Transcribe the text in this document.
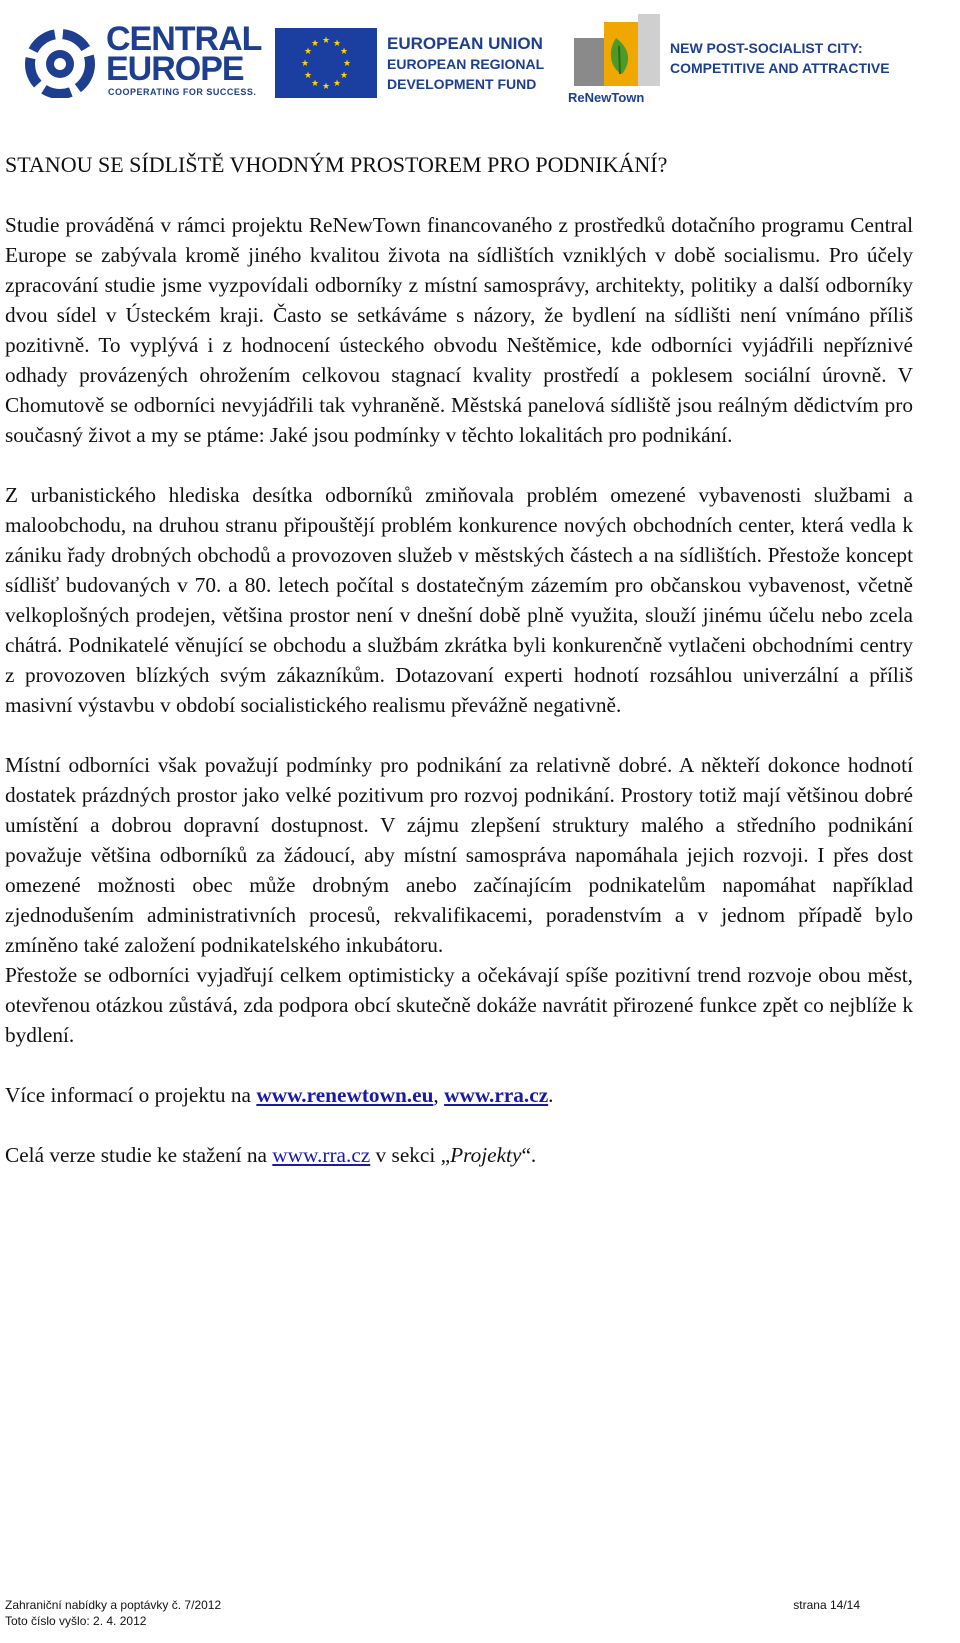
CENTRAL
EUROPE
COOPERATING FOR SUCCESS.
★ ★
★
★
★
★
★
★
★
★
★
★	EUROPEAN UNION
EUROPEAN REGIONAL
DEVELOPMENT FUND
ReNewTown
NEW POST-SOCIALIST CITY:
COMPETITIVE AND ATTRACTIVE
STANOU SE SÍDLIŠTĚ VHODNÝM PROSTOREM PRO PODNIKÁNÍ?

Studie prováděná v rámci projektu ReNewTown financovaného z prostředků dotačního programu Central Europe se zabývala kromě jiného kvalitou života na sídlištích vzniklých v době socialismu. Pro účely zpracování studie jsme vyzpovídali odborníky z místní samosprávy, architekty, politiky a další odborníky dvou sídel v Ústeckém kraji. Často se setkáváme s názory, že bydlení na sídlišti není vnímáno příliš pozitivně. To vyplývá i z hodnocení ústeckého obvodu Neštěmice, kde odborníci vyjádřili nepříznivé odhady provázených ohrožením celkovou stagnací kvality prostředí a poklesem sociální úrovně. V Chomutově se odborníci nevyjádřili tak vyhraněně. Městská panelová sídliště jsou reálným dědictvím pro současný život a my se ptáme: Jaké jsou podmínky v těchto lokalitách pro podnikání.

Z urbanistického hlediska desítka odborníků zmiňovala problém omezené vybavenosti službami a maloobchodu, na druhou stranu připouštějí problém konkurence nových obchodních center, která vedla k zániku řady drobných obchodů a provozoven služeb v městských částech a na sídlištích. Přestože koncept sídlišť budovaných v 70. a 80. letech počítal s dostatečným zázemím pro občanskou vybavenost, včetně velkoplošných prodejen, většina prostor není v dnešní době plně využita, slouží jinému účelu nebo zcela chátrá. Podnikatelé věnující se obchodu a službám zkrátka byli konkurenčně vytlačeni obchodními centry z provozoven blízkých svým zákazníkům. Dotazovaní experti hodnotí rozsáhlou univerzální a příliš masivní výstavbu v období socialistického realismu převážně negativně.

Místní odborníci však považují podmínky pro podnikání za relativně dobré. A někteří dokonce hodnotí dostatek prázdných prostor jako velké pozitivum pro rozvoj podnikání. Prostory totiž mají většinou dobré umístění a dobrou dopravní dostupnost. V zájmu zlepšení struktury malého a středního podnikání považuje většina odborníků za žádoucí, aby místní samospráva napomáhala jejich rozvoji. I přes dost omezené možnosti obec může drobným anebo začínajícím podnikatelům napomáhat například zjednodušením administrativních procesů, rekvalifikacemi, poradenstvím a v jednom případě bylo zmíněno také založení podnikatelského inkubátoru.

Přestože se odborníci vyjadřují celkem optimisticky a očekávají spíše pozitivní trend rozvoje obou měst, otevřenou otázkou zůstává, zda podpora obcí skutečně dokáže navrátit přirozené funkce zpět co nejblíže k bydlení.

Více informací o projektu na www.renewtown.eu, www.rra.cz.

Celá verze studie ke stažení na www.rra.cz v sekci „Projekty“.

Zahraniční nabídky a poptávky č. 7/2012	strana 14/14
Toto číslo vyšlo: 2. 4. 2012
